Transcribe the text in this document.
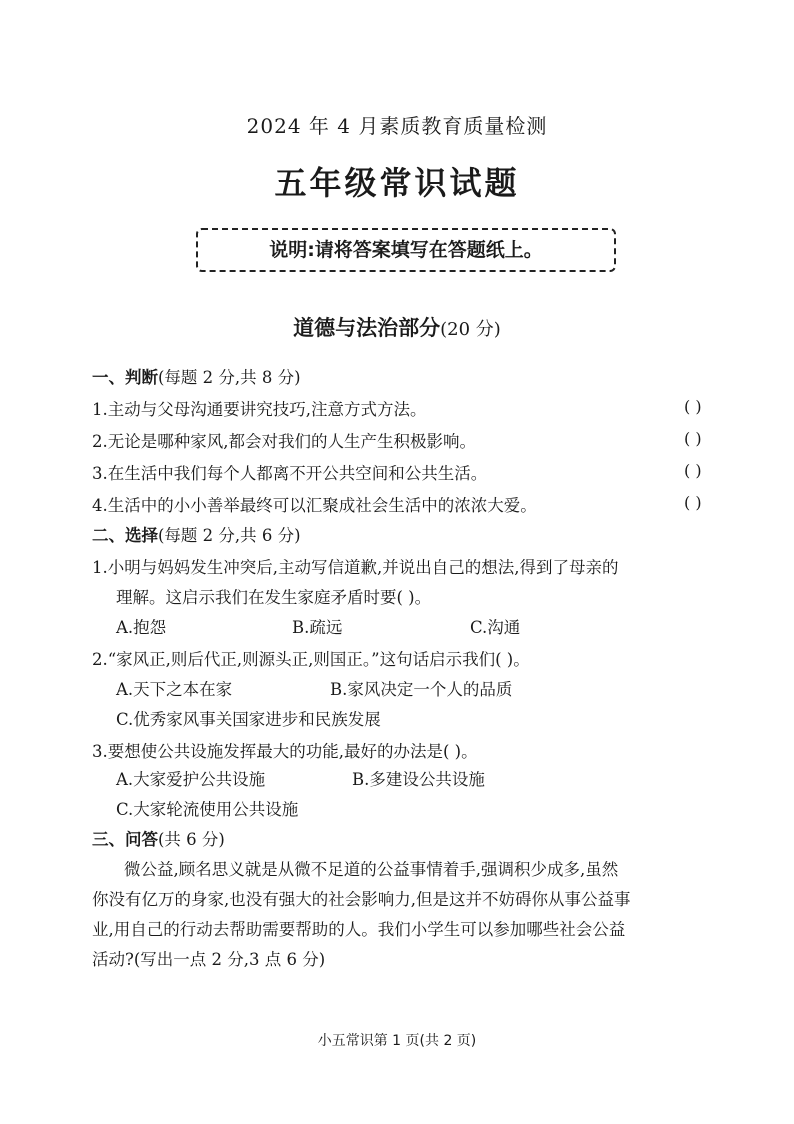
2024 年 4 月素质教育质量检测
五年级常识试题
说明:请将答案填写在答题纸上。
道德与法治部分(20 分)
一、判断(每题 2 分,共 8 分)
1.主动与父母沟通要讲究技巧,注意方式方法。	( )
2.无论是哪种家风,都会对我们的人生产生积极影响。	( )
3.在生活中我们每个人都离不开公共空间和公共生活。	( )
4.生活中的小小善举最终可以汇聚成社会生活中的浓浓大爱。	( )
二、选择(每题 2 分,共 6 分)
1.小明与妈妈发生冲突后,主动写信道歉,并说出自己的想法,得到了母亲的
理解。这启示我们在发生家庭矛盾时要( )。
A.抱怨	B.疏远	C.沟通
2.“家风正,则后代正,则源头正,则国正。”这句话启示我们( )。
A.天下之本在家	B.家风决定一个人的品质
C.优秀家风事关国家进步和民族发展
3.要想使公共设施发挥最大的功能,最好的办法是( )。
A.大家爱护公共设施	B.多建设公共设施
C.大家轮流使用公共设施
三、问答(共 6 分)
微公益,顾名思义就是从微不足道的公益事情着手,强调积少成多,虽然
你没有亿万的身家,也没有强大的社会影响力,但是这并不妨碍你从事公益事
业,用自己的行动去帮助需要帮助的人。我们小学生可以参加哪些社会公益
活动?(写出一点 2 分,3 点 6 分)
小五常识第 1 页(共 2 页)
